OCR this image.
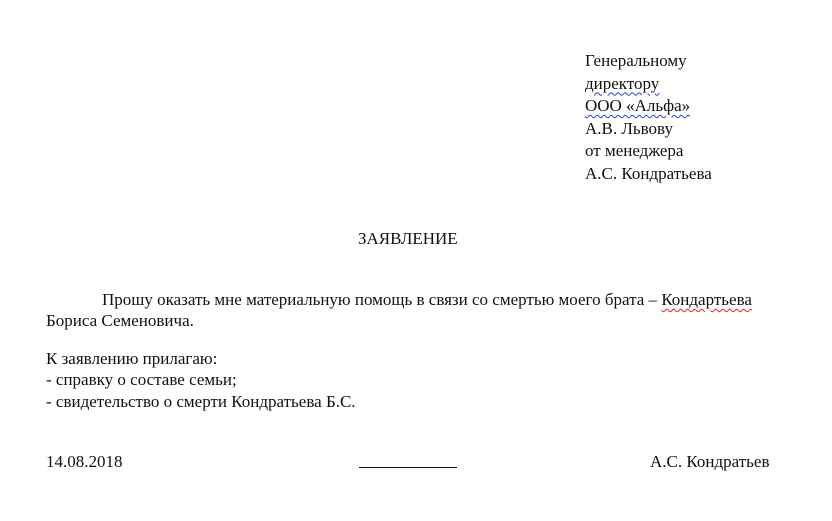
Генеральному
директору
ООО «Альфа»
А.В. Львову
от менеджера
А.С. Кондратьева
ЗАЯВЛЕНИЕ
Прошу оказать мне материальную помощь в связи со смертью моего брата – Кондартьева
Бориса Семеновича.
К заявлению прилагаю:
- справку о составе семьи;
- свидетельство о смерти Кондратьева Б.С.
14.08.2018	А.С. Кондратьев
